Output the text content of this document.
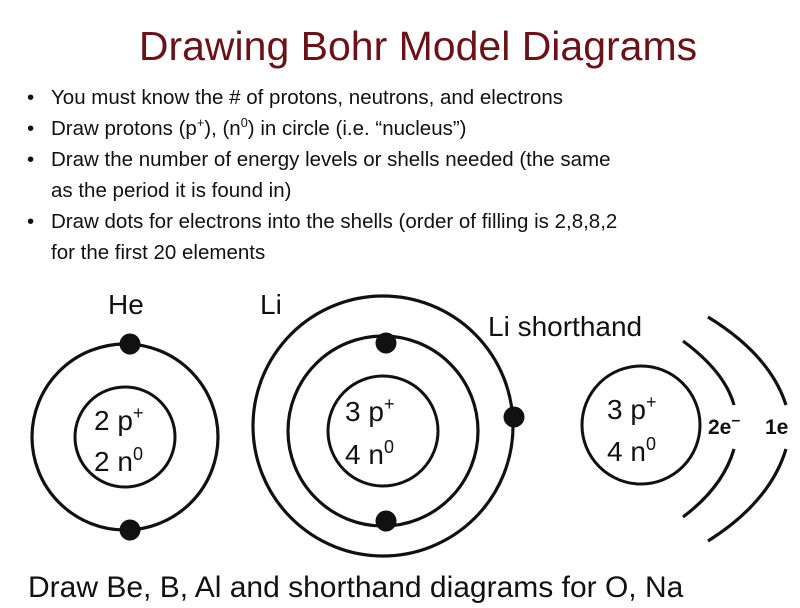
Drawing Bohr Model Diagrams
• You must know the # of protons, neutrons, and electrons
• Draw protons (p+), $(n^0)$ in circle (i.e. “nucleus”)
• Draw the number of energy levels or shells needed (the same
as the period it is found in)
• Draw dots for electrons into the shells (order of filling is 2,8,8,2
for the first 20 elements
He
2 p+
2 $n^0$
Li
3 p+
4 $n^0$
Li shorthand
3 p+
4 $n^0$
2e– 1e
Draw Be, B, Al and shorthand diagrams for O, Na
